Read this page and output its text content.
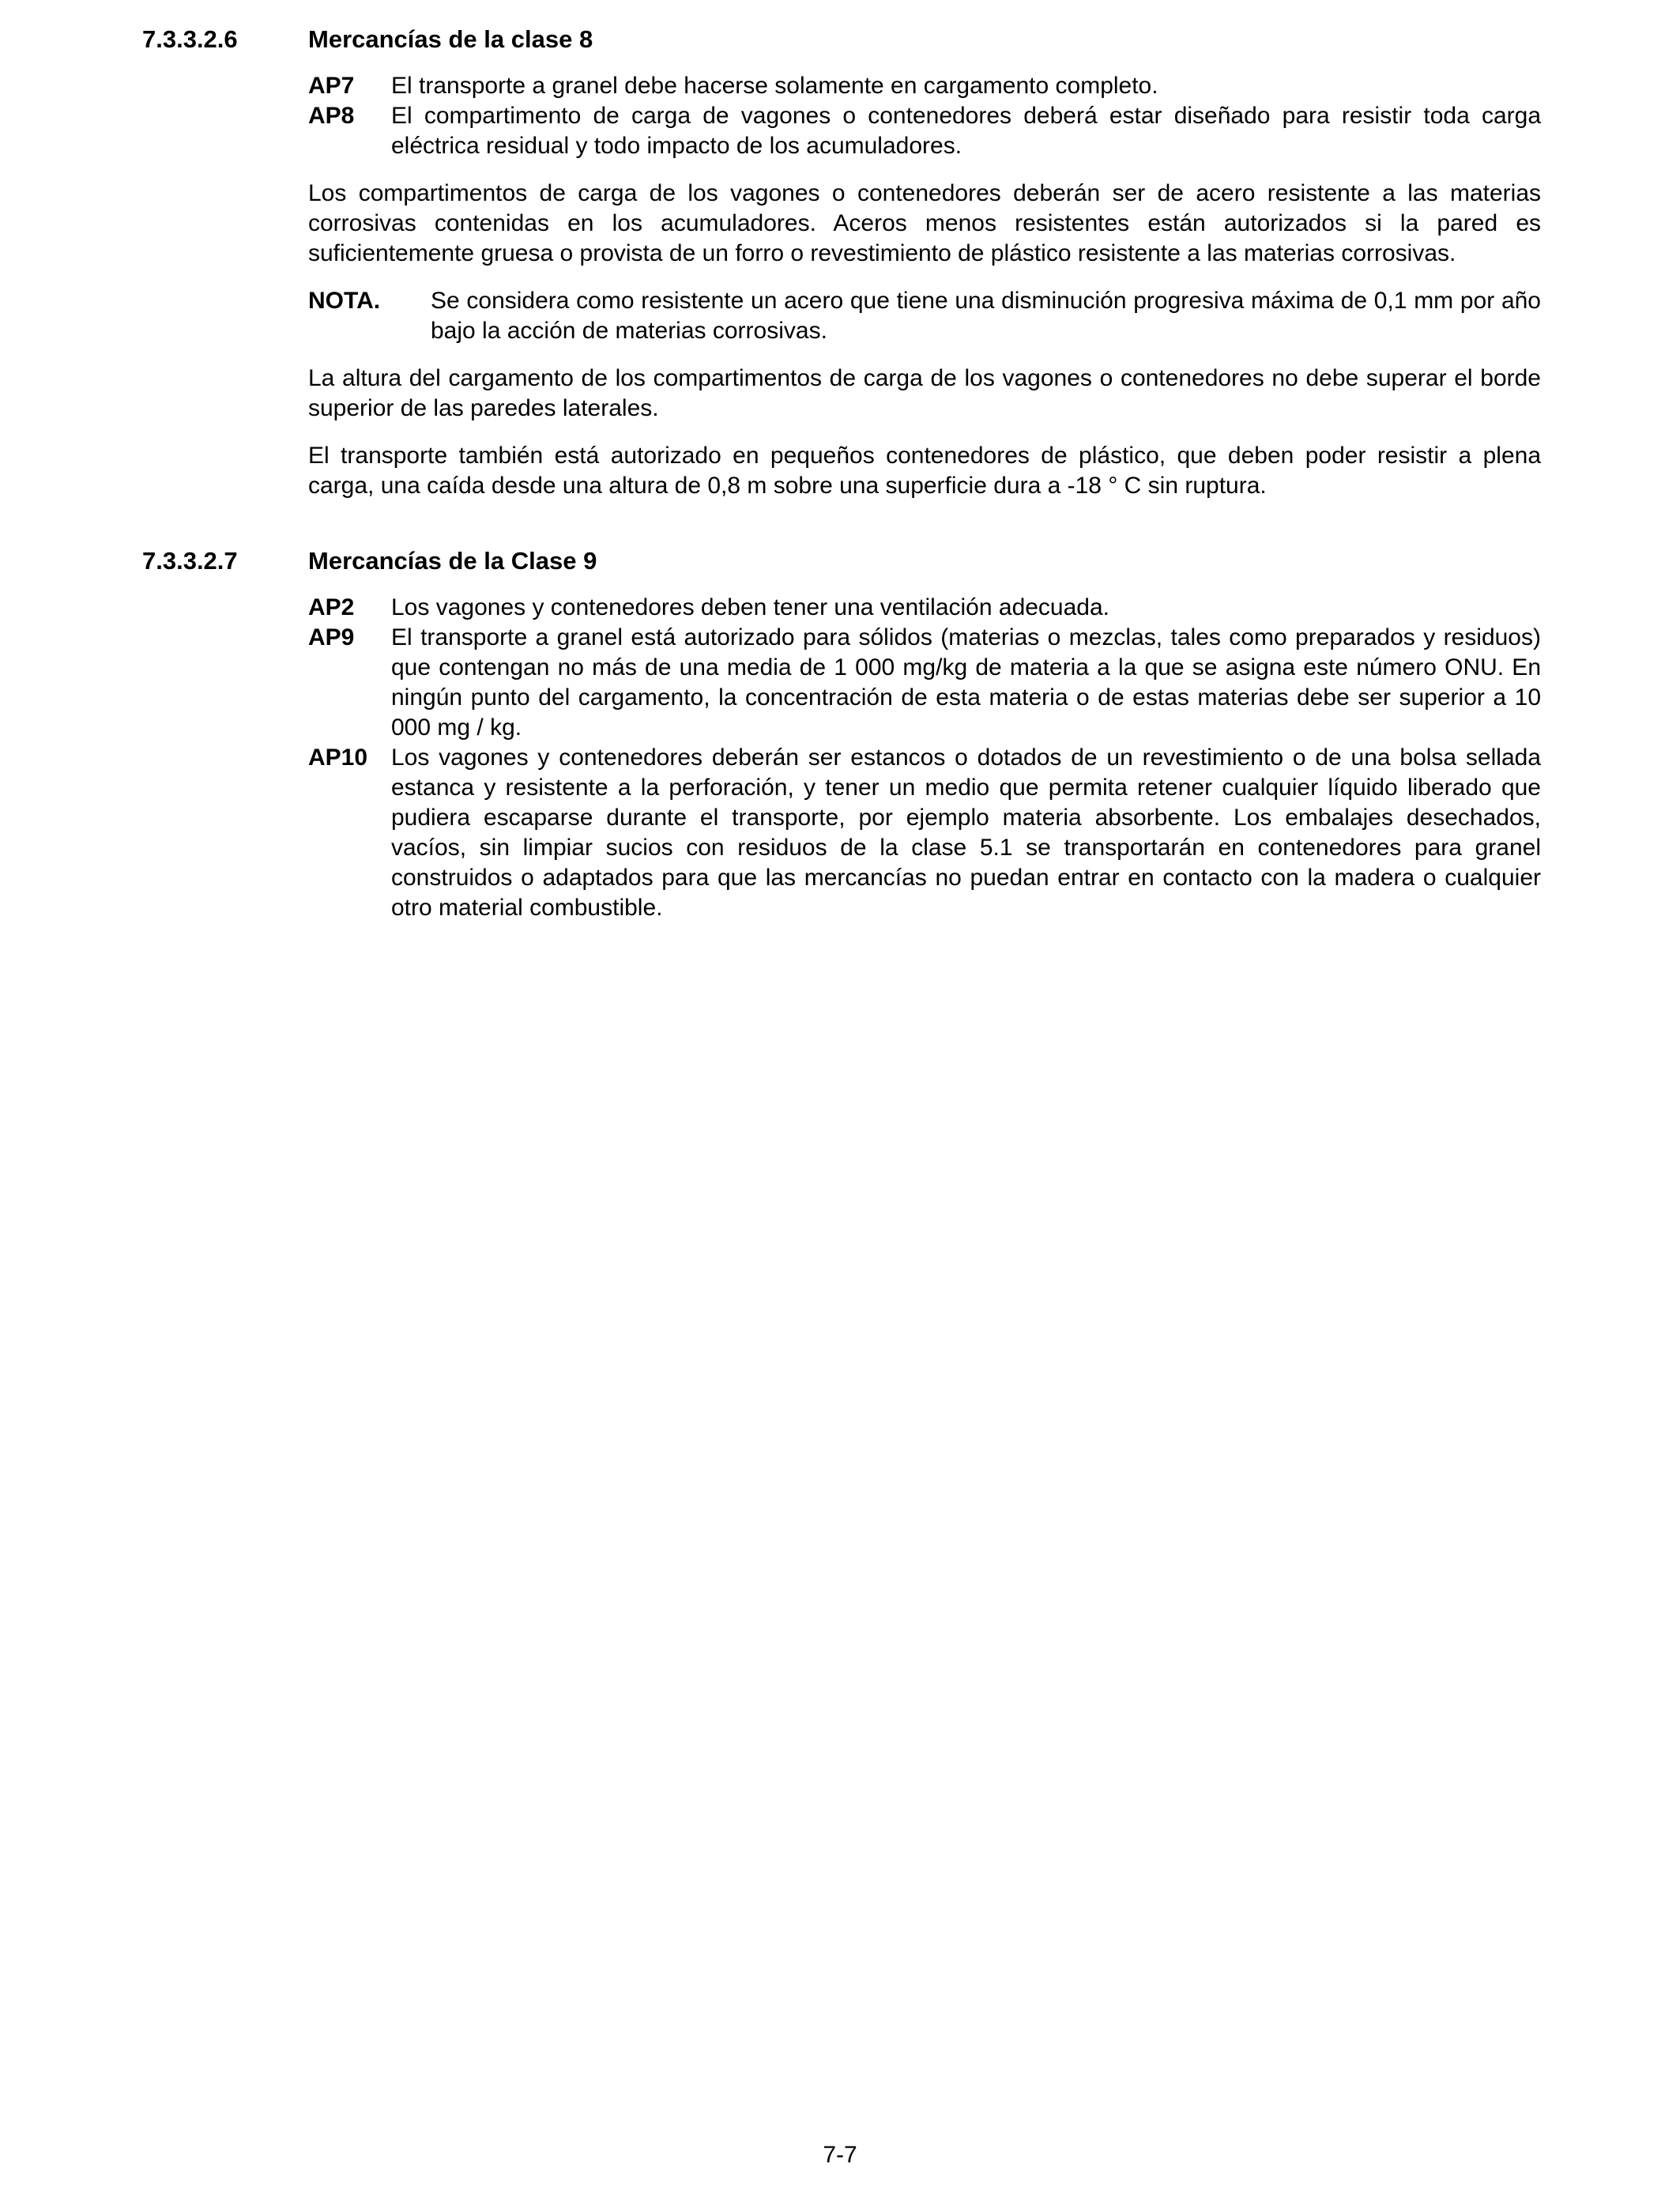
7.3.3.2.6	Mercancías de la clase 8
AP7	El transporte a granel debe hacerse solamente en cargamento completo.
AP8	El compartimento de carga de vagones o contenedores deberá estar diseñado para resistir toda carga eléctrica residual y todo impacto de los acumuladores.
Los compartimentos de carga de los vagones o contenedores deberán ser de acero resistente a las materias corrosivas contenidas en los acumuladores. Aceros menos resistentes están autorizados si la pared es suficientemente gruesa o provista de un forro o revestimiento de plástico resistente a las materias corrosivas.
NOTA.	Se considera como resistente un acero que tiene una disminución progresiva máxima de 0,1 mm por año bajo la acción de materias corrosivas.
La altura del cargamento de los compartimentos de carga de los vagones o contenedores no debe superar el borde superior de las paredes laterales.
El transporte también está autorizado en pequeños contenedores de plástico, que deben poder resistir a plena carga, una caída desde una altura de 0,8 m sobre una superficie dura a -18 ° C sin ruptura.
7.3.3.2.7	Mercancías de la Clase 9
AP2	Los vagones y contenedores deben tener una ventilación adecuada.
AP9	El transporte a granel está autorizado para sólidos (materias o mezclas, tales como preparados y residuos) que contengan no más de una media de 1 000 mg/kg de materia a la que se asigna este número ONU. En ningún punto del cargamento, la concentración de esta materia o de estas materias debe ser superior a 10 000 mg / kg.
AP10 Los vagones y contenedores deberán ser estancos o dotados de un revestimiento o de una bolsa sellada estanca y resistente a la perforación, y tener un medio que permita retener cualquier líquido liberado que pudiera escaparse durante el transporte, por ejemplo materia absorbente. Los embalajes desechados, vacíos, sin limpiar sucios con residuos de la clase 5.1 se transportarán en contenedores para granel construidos o adaptados para que las mercancías no puedan entrar en contacto con la madera o cualquier otro material combustible.
7-7
